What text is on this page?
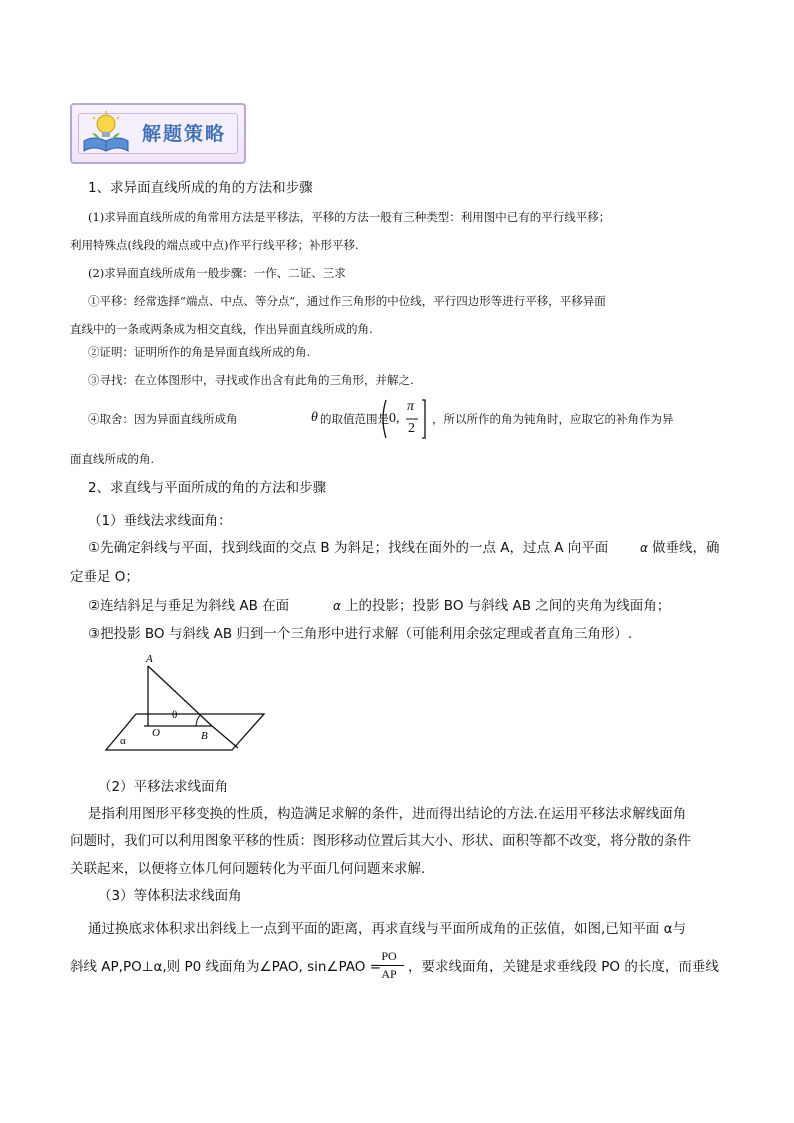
解题策略
1、求异面直线所成的角的方法和步骤
(1)求异面直线所成的角常用方法是平移法，平移的方法一般有三种类型：利用图中已有的平行线平移；
利用特殊点(线段的端点或中点)作平行线平移；补形平移.
(2)求异面直线所成角一般步骤：一作、二证、三求
①平移：经常选择“端点、中点、等分点”，通过作三角形的中位线，平行四边形等进行平移，平移异面
直线中的一条或两条成为相交直线，作出异面直线所成的角.
②证明：证明所作的角是异面直线所成的角.
③寻找：在立体图形中，寻找或作出含有此角的三角形，并解之.
④取舍：因为异面直线所成角	θ 的取值范围是 0,
π
2
，所以所作的角为钝角时，应取它的补角作为异
面直线所成的角.
2、求直线与平面所成的角的方法和步骤
（1）垂线法求线面角：
①先确定斜线与平面，找到线面的交点 B 为斜足；找线在面外的一点 A，过点 A 向平面	α 做垂线，确
定垂足 O；
②连结斜足与垂足为斜线 AB 在面	α 上的投影；投影 BO 与斜线 AB 之间的夹角为线面角；
③把投影 BO 与斜线 AB 归到一个三角形中进行求解（可能利用余弦定理或者直角三角形）.
A
O	B
α
θ
（2）平移法求线面角
是指利用图形平移变换的性质，构造满足求解的条件，进而得出结论的方法.在运用平移法求解线面角
问题时，我们可以利用图象平移的性质：图形移动位置后其大小、形状、面积等都不改变，将分散的条件
关联起来，以便将立体几何问题转化为平面几何问题来求解.
（3）等体积法求线面角
通过换底求体积求出斜线上一点到平面的距离，再求直线与平面所成角的正弦值，如图,已知平面 α与
斜线 AP,PO⊥α,则 P0 线面角为∠PAO, sin∠PAO =
PO
AP ，要求线面角，关键是求垂线段 PO 的长度，而垂线
